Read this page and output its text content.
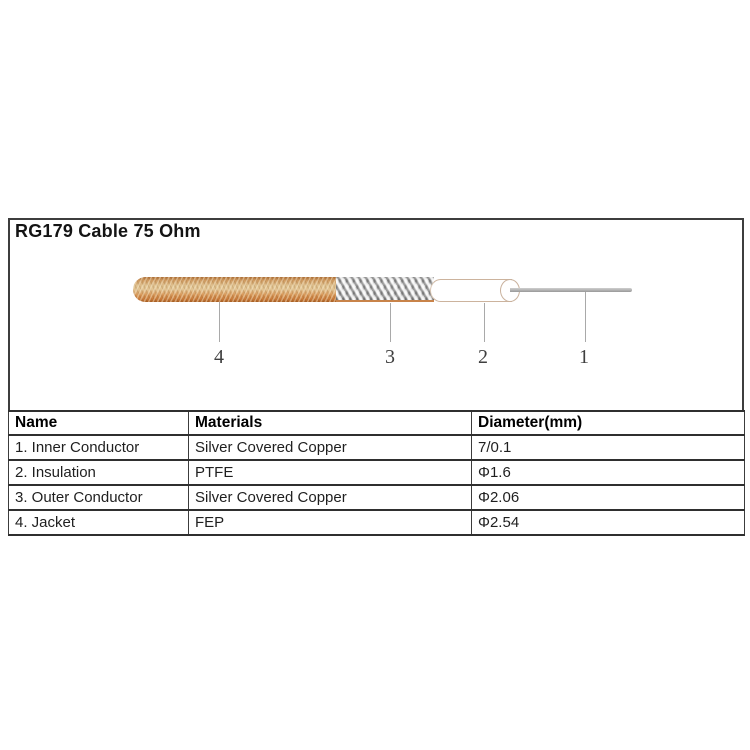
RG179 Cable 75 Ohm
4	3	2	1
Name	Materials	Diameter(mm)
1. Inner Conductor	Silver Covered Copper	7/0.1
2. Insulation	PTFE	Φ1.6
3. Outer Conductor	Silver Covered Copper	Φ2.06
4. Jacket	FEP	Φ2.54
